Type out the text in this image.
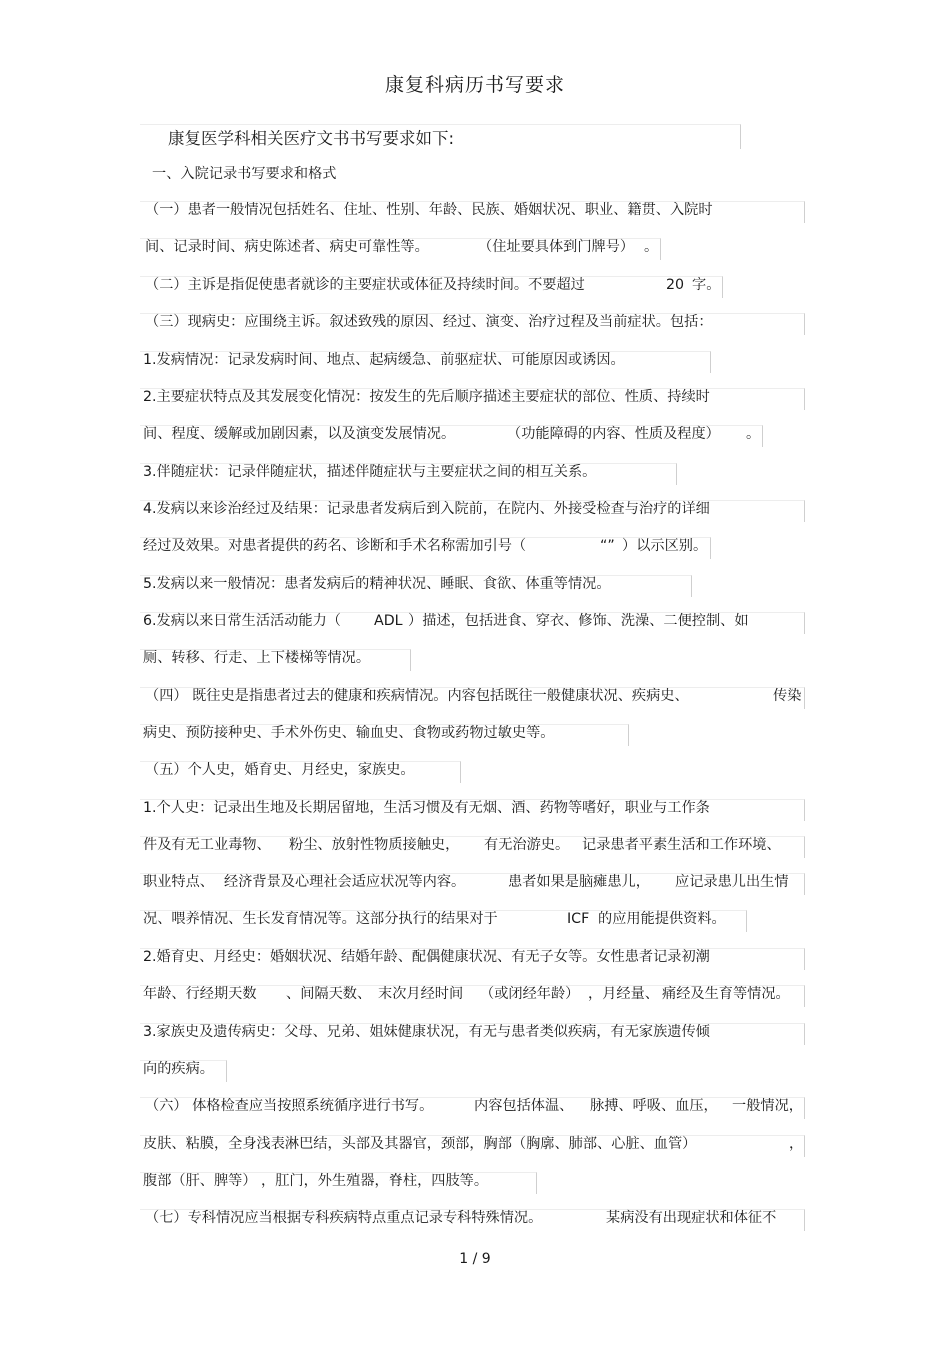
康复科病历书写要求
康复医学科相关医疗文书书写要求如下:
一、入院记录书写要求和格式
（一）患者一般情况包括姓名、住址、性别、年龄、民族、婚姻状况、职业、籍贯、入院时
间、记录时间、病史陈述者、病史可靠性等。	（住址要具体到门牌号） 。
（二）主诉是指促使患者就诊的主要症状或体征及持续时间。不要超过	20 字。
（三）现病史：应围绕主诉。叙述致残的原因、经过、演变、治疗过程及当前症状。包括：
1.发病情况：记录发病时间、地点、起病缓急、前驱症状、可能原因或诱因。
2.主要症状特点及其发展变化情况：按发生的先后顺序描述主要症状的部位、性质、持续时
间、程度、缓解或加剧因素，以及演变发展情况。	（功能障碍的内容、性质及程度） 。
3.伴随症状：记录伴随症状，描述伴随症状与主要症状之间的相互关系。
4.发病以来诊治经过及结果：记录患者发病后到入院前，在院内、外接受检查与治疗的详细
经过及效果。对患者提供的药名、诊断和手术名称需加引号（	“” ）以示区别。
5.发病以来一般情况：患者发病后的精神状况、睡眠、食欲、体重等情况。
6.发病以来日常生活活动能力（ ADL ）描述，包括进食、穿衣、修饰、洗澡、二便控制、如
厕、转移、行走、上下楼梯等情况。
（四） 既往史是指患者过去的健康和疾病情况。内容包括既往一般健康状况、疾病史、	传染
病史、预防接种史、手术外伤史、输血史、食物或药物过敏史等。
（五）个人史，婚育史、月经史，家族史。
1.个人史：记录出生地及长期居留地，生活习惯及有无烟、酒、药物等嗜好，职业与工作条
件及有无工业毒物、 粉尘、放射性物质接触史， 有无治游史。 记录患者平素生活和工作环境、
职业特点、 经济背景及心理社会适应状况等内容。	患者如果是脑瘫患儿， 应记录患儿出生情
况、喂养情况、生长发育情况等。这部分执行的结果对于	ICF 的应用能提供资料。
2.婚育史、月经史：婚姻状况、结婚年龄、配偶健康状况、有无子女等。女性患者记录初潮
年龄、行经期天数 、间隔天数、 末次月经时间 （或闭经年龄） ，月经量、 痛经及生育等情况。
3.家族史及遗传病史：父母、兄弟、姐妹健康状况，有无与患者类似疾病，有无家族遗传倾
向的疾病。
（六） 体格检查应当按照系统循序进行书写。	内容包括体温、 脉搏、呼吸、血压， 一般情况，
皮肤、粘膜，全身浅表淋巴结，头部及其器官，颈部，胸部（胸廓、肺部、心脏、血管）	，
腹部（肝、脾等） ，肛门，外生殖器，脊柱，四肢等。
（七）专科情况应当根据专科疾病特点重点记录专科特殊情况。	某病没有出现症状和体征不
1 / 9
